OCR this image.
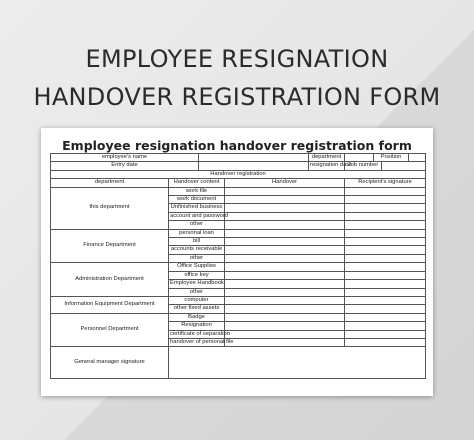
EMPLOYEE RESIGNATION
HANDOVER REGISTRATION FORM
Employee resignation handover registration form
employee's name				department	Position

Entry date				resignation date	Job number

Handover registration					
department	Handover content		Handover		Recipient's signature
this department	work file				
	work document				
	Unfinished business				
	account and password				
	other				
Finance Department	personal loan				
	bill				
	accounts receivable				
	other				
Administration Department	Office Supplies				
	office key				
	Employee Handbook				
	other				
Information Equipment Department	computer				
	other fixed assets				
Personnel Department	Badge				
	Resignation				
	certificate of separation				
	handover of personal file				
General manager signature					
